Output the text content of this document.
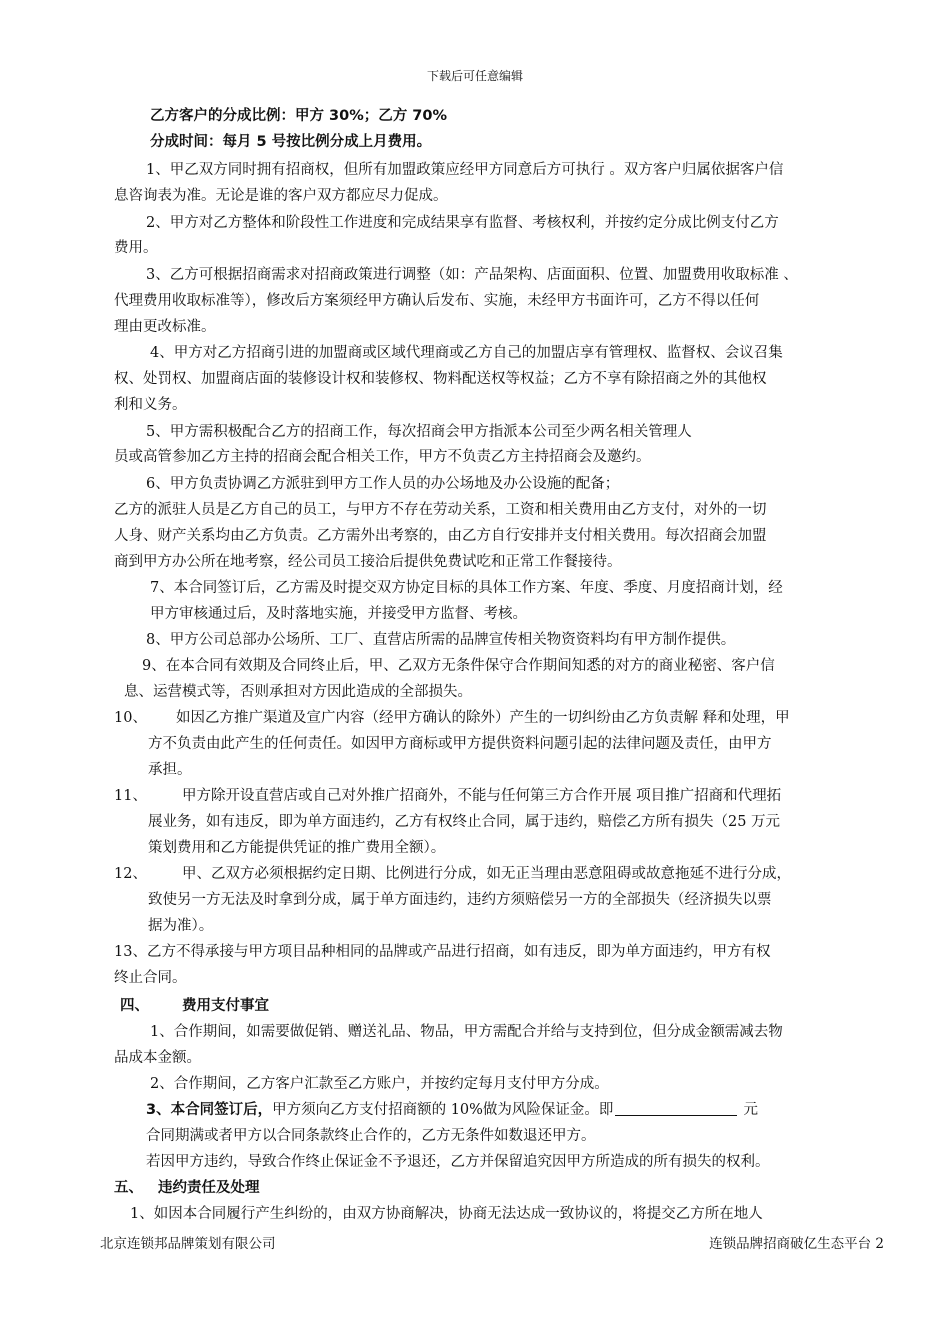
下载后可任意编辑
乙方客户的分成比例：甲方 30%；乙方 70%
分成时间：每月 5 号按比例分成上月费用。
1、甲乙双方同时拥有招商权，但所有加盟政策应经甲方同意后方可执行 。双方客户归属依据客户信
息咨询表为准。无论是谁的客户双方都应尽力促成。
2、甲方对乙方整体和阶段性工作进度和完成结果享有监督、考核权利，并按约定分成比例支付乙方
费用。
3、乙方可根据招商需求对招商政策进行调整（如：产品架构、店面面积、位置、加盟费用收取标准 、
代理费用收取标准等），修改后方案须经甲方确认后发布、实施，未经甲方书面许可，乙方不得以任何
理由更改标准。
4、甲方对乙方招商引进的加盟商或区域代理商或乙方自己的加盟店享有管理权、监督权、会议召集
权、处罚权、加盟商店面的装修设计权和装修权、物料配送权等权益；乙方不享有除招商之外的其他权
利和义务。
5、甲方需积极配合乙方的招商工作，每次招商会甲方指派本公司至少两名相关管理人
员或高管参加乙方主持的招商会配合相关工作，甲方不负责乙方主持招商会及邀约。
6、甲方负责协调乙方派驻到甲方工作人员的办公场地及办公设施的配备；
乙方的派驻人员是乙方自己的员工，与甲方不存在劳动关系，工资和相关费用由乙方支付，对外的一切
人身、财产关系均由乙方负责。乙方需外出考察的，由乙方自行安排并支付相关费用。每次招商会加盟
商到甲方办公所在地考察，经公司员工接洽后提供免费试吃和正常工作餐接待。
7、本合同签订后，乙方需及时提交双方协定目标的具体工作方案、年度、季度、月度招商计划，经
甲方审核通过后，及时落地实施，并接受甲方监督、考核。
8、甲方公司总部办公场所、工厂、直营店所需的品牌宣传相关物资资料均有甲方制作提供。
9、在本合同有效期及合同终止后，甲、乙双方无条件保守合作期间知悉的对方的商业秘密、客户信
息、运营模式等，否则承担对方因此造成的全部损失。
10、 如因乙方推广渠道及宣广内容（经甲方确认的除外）产生的一切纠纷由乙方负责解 释和处理，甲
方不负责由此产生的任何责任。如因甲方商标或甲方提供资料问题引起的法律问题及责任，由甲方
承担。
11、 甲方除开设直营店或自己对外推广招商外，不能与任何第三方合作开展 项目推广招商和代理拓
展业务，如有违反，即为单方面违约，乙方有权终止合同，属于违约，赔偿乙方所有损失（25 万元
策划费用和乙方能提供凭证的推广费用全额）。
12、 甲、乙双方必须根据约定日期、比例进行分成，如无正当理由恶意阻碍或故意拖延不进行分成，
致使另一方无法及时拿到分成，属于单方面违约，违约方须赔偿另一方的全部损失（经济损失以票
据为准）。
13、乙方不得承接与甲方项目品种相同的品牌或产品进行招商，如有违反，即为单方面违约，甲方有权
终止合同。
四、 费用支付事宜
1、合作期间，如需要做促销、赠送礼品、物品，甲方需配合并给与支持到位，但分成金额需减去物
品成本金额。
2、合作期间，乙方客户汇款至乙方账户，并按约定每月支付甲方分成。
3、本合同签订后，甲方须向乙方支付招商额的 10%做为风险保证金。即	元
合同期满或者甲方以合同条款终止合作的，乙方无条件如数退还甲方。
若因甲方违约，导致合作终止保证金不予退还，乙方并保留追究因甲方所造成的所有损失的权利。
五、 违约责任及处理
1、如因本合同履行产生纠纷的，由双方协商解决，协商无法达成一致协议的，将提交乙方所在地人
北京连锁邦品牌策划有限公司	连锁品牌招商破亿生态平台 2
